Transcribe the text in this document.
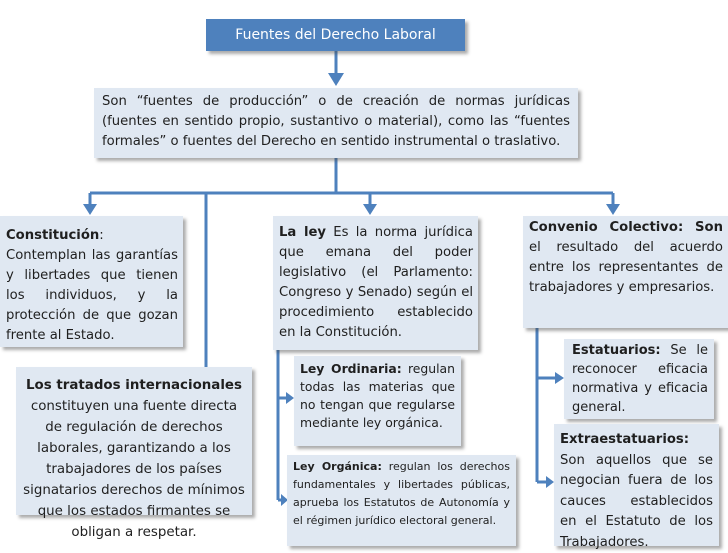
Fuentes del Derecho Laboral
Son “fuentes de producción” o de creación de normas jurídicas
(fuentes en sentido propio, sustantivo o material), como las “fuentes
formales” o fuentes del Derecho en sentido instrumental o traslativo.
Constitución:
Contemplan las garantías y libertades que tienen los individuos, y la protección de que gozan frente al Estado.
La ley Es la norma jurídica que emana del poder legislativo (el Parlamento: Congreso y Senado) según el procedimiento establecido en la Constitución.
Convenio Colectivo: Son el resultado del acuerdo entre los representantes de trabajadores y empresarios.
Los tratados internacionales
constituyen una fuente directa de regulación de derechos laborales, garantizando a los trabajadores de los países signatarios derechos de mínimos que los estados firmantes se obligan a respetar.
Ley Ordinaria: regulan todas las materias que no tengan que regularse mediante ley orgánica.
Ley Orgánica: regulan los derechos fundamentales y libertades públicas, aprueba los Estatutos de Autonomía y el régimen jurídico electoral general.
Estatuarios: Se le reconocer eficacia normativa y eficacia general.
Extraestatuarios: Son aquellos que se negocian fuera de los cauces establecidos en el Estatuto de los Trabajadores.
